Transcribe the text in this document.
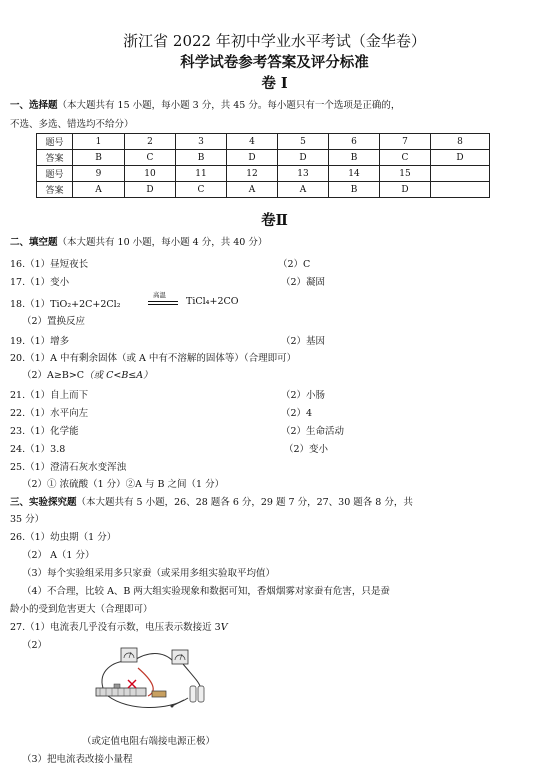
浙江省 2022 年初中学业水平考试（金华卷）
科学试卷参考答案及评分标准
卷 I
一、选择题（本大题共有 15 小题，每小题 3 分，共 45 分。每小题只有一个选项是正确的，
不选、多选、错选均不给分）
题号	1	2	3	4	5	6	7	8
答案	B	C	B	D	D	B	C	D
题号	9	10	11	12	13	14	15	
答案	A	D	C	A	A	B	D	
卷Ⅱ
二、填空题（本大题共有 10 小题，每小题 4 分，共 40 分）
16.（1）昼短夜长	（2）C
17.（1）变小	（2）凝固
18.（1）TiO₂+2C+2Cl₂
高温
TiCl₄+2CO
（2）置换反应
19.（1）增多	（2）基因
20.（1）A 中有剩余固体（或 A 中有不溶解的固体等）（合理即可）
（2）A≥B>C（或 C<B≤A）
21.（1）自上而下	（2）小肠
22.（1）水平向左	（2）4
23.（1）化学能	（2）生命活动
24.（1）3.8	（2）变小
25.（1）澄清石灰水变浑浊
（2）① 浓硫酸（1 分）②A 与 B 之间（1 分）
三、实验探究题（本大题共有 5 小题，26、28 题各 6 分，29 题 7 分，27、30 题各 8 分，共
35 分）
26.（1）幼虫期（1 分）
（2） A（1 分）
（3）每个实验组采用多只家蚕（或采用多组实验取平均值）
（4）不合理，比较 A、B 两大组实验现象和数据可知，香烟烟雾对家蚕有危害，只是蚕
龄小的受到危害更大（合理即可）
27.（1）电流表几乎没有示数，电压表示数接近 3V
（2）
（或定值电阻右端接电源正极）
（3）把电流表改接小量程
